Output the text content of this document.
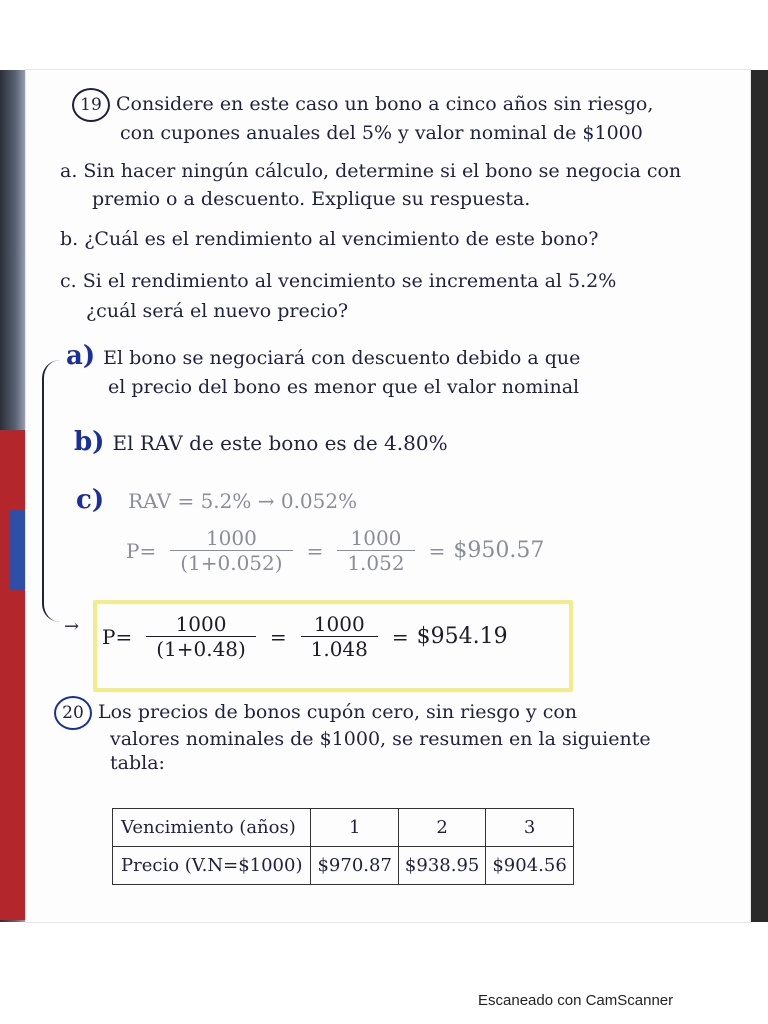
19 Considere en este caso un bono a cinco años sin riesgo,
con cupones anuales del 5% y valor nominal de $1000
a. Sin hacer ningún cálculo, determine si el bono se negocia con
premio o a descuento. Explique su respuesta.
b. ¿Cuál es el rendimiento al vencimiento de este bono?
c. Si el rendimiento al vencimiento se incrementa al 5.2%
¿cuál será el nuevo precio?
a) El bono se negociará con descuento debido a que
el precio del bono es menor que el valor nominal
b) El RAV de este bono es de 4.80%
c) RAV = 5.2% → 0.052%
$P= \frac{1000}{(1+0.052)} = \frac{1000}{1.052}$ = $950.57
→ $P= \frac{1000}{(1+0.48)} = \frac{1000}{1.048}$ = $954.19
20 Los precios de bonos cupón cero, sin riesgo y con
valores nominales de $1000, se resumen en la siguiente
tabla:
Vencimiento (años)	1	2	3
Precio (V.N=$1000)	$970.87	$938.95	$904.56
Escaneado con CamScanner
